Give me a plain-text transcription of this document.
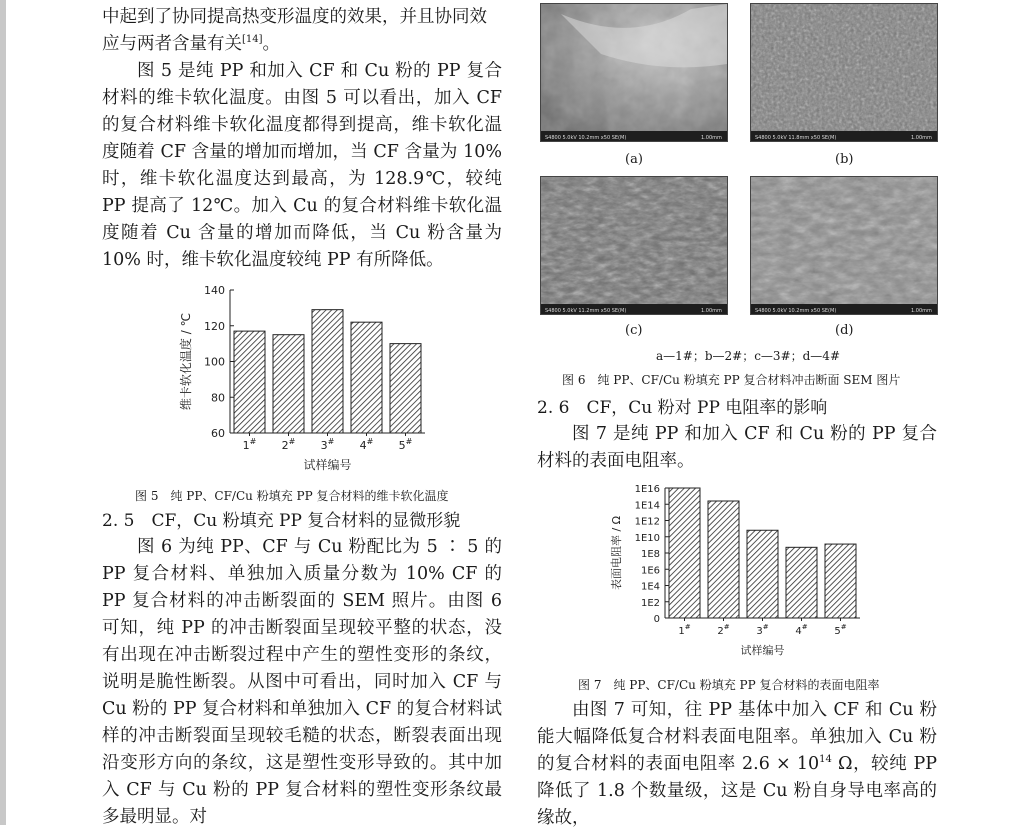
中起到了协同提高热变形温度的效果，并且协同效
应与两者含量有关[14]。

图 5 是纯 PP 和加入 CF 和 Cu 粉的 PP 复合材料的维卡软化温度。由图 5 可以看出，加入 CF 的复合材料维卡软化温度都得到提高，维卡软化温度随着 CF 含量的增加而增加，当 CF 含量为 10% 时，维卡软化温度达到最高，为 128.9℃，较纯 PP 提高了 12℃。加入 Cu 的复合材料维卡软化温度随着 Cu 含量的增加而降低，当 Cu 粉含量为 10% 时，维卡软化温度较纯 PP 有所降低。

60
80
100
120
140
1# 2# 3# 4# 5#
试样编号
维卡软化温度 / ℃
图 5　纯 PP、CF/Cu 粉填充 PP 复合材料的维卡软化温度

2. 5　CF，Cu 粉填充 PP 复合材料的显微形貌

图 6 为纯 PP、CF 与 Cu 粉配比为 5 ∶ 5 的 PP 复合材料、单独加入质量分数为 10% CF 的 PP 复合材料的冲击断裂面的 SEM 照片。由图 6 可知，纯 PP 的冲击断裂面呈现较平整的状态，没有出现在冲击断裂过程中产生的塑性变形的条纹，说明是脆性断裂。从图中可看出，同时加入 CF 与 Cu 粉的 PP 复合材料和单独加入 CF 的复合材料试样的冲击断裂面呈现较毛糙的状态，断裂表面出现沿变形方向的条纹，这是塑性变形导致的。其中加入 CF 与 Cu 粉的 PP 复合材料的塑性变形条纹最多最明显。对

S4800 5.0kV 10.2mm x50 SE(M)	1.00mm	S4800 5.0kV 11.8mm x50 SE(M)	1.00mm
(a)	(b)
S4800 5.0kV 11.2mm x50 SE(M)	1.00mm	S4800 5.0kV 10.2mm x50 SE(M)	1.00mm
(c)	(d)
a—1#；b—2#；c—3#；d—4#
图 6　纯 PP、CF/Cu 粉填充 PP 复合材料冲击断面 SEM 图片

2. 6　CF，Cu 粉对 PP 电阻率的影响

图 7 是纯 PP 和加入 CF 和 Cu 粉的 PP 复合材料的表面电阻率。

0
1E2
1E4
1E6
1E8
1E10
1E12
1E14
1E16
1#	2#	3#	4#	5#
试样编号
表面电阻率 / Ω
图 7　纯 PP、CF/Cu 粉填充 PP 复合材料的表面电阻率

由图 7 可知，往 PP 基体中加入 CF 和 Cu 粉能大幅降低复合材料表面电阻率。单独加入 Cu 粉的复合材料的表面电阻率 $2.6 \times 10^{14}$ Ω，较纯 PP 降低了 1.8 个数量级，这是 Cu 粉自身导电率高的缘故，
